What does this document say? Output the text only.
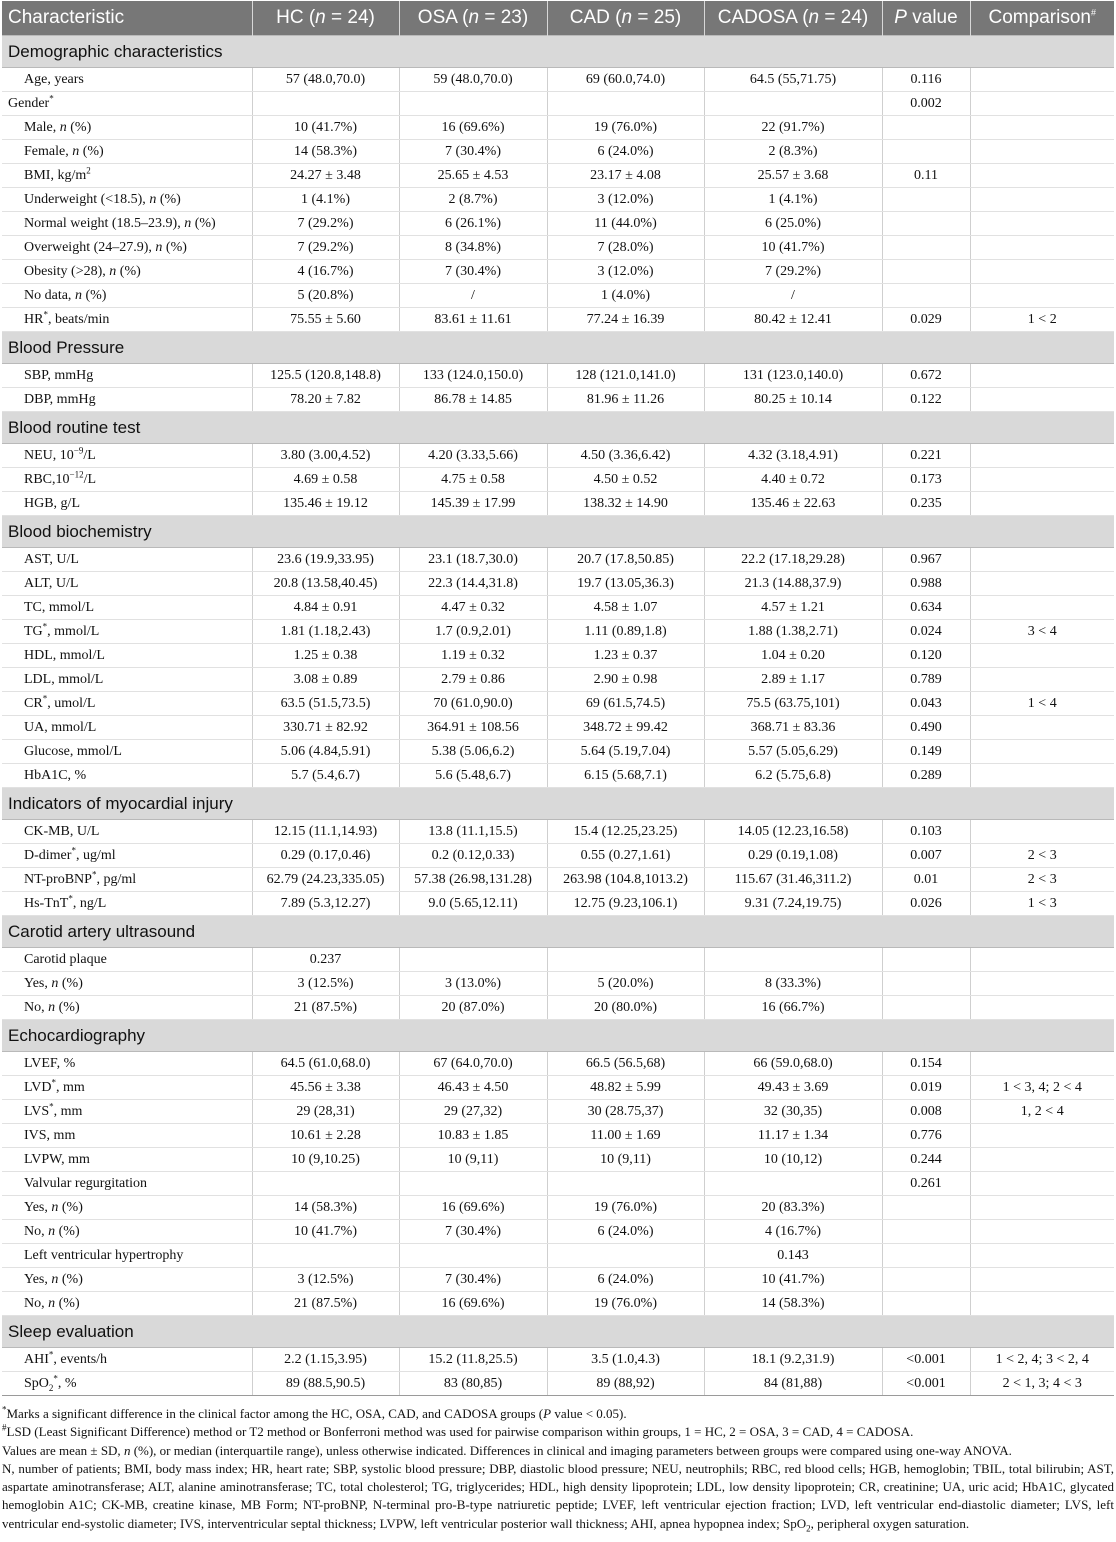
Characteristic	HC (n = 24)	OSA (n = 23)	CAD (n = 25)	CADOSA (n = 24)	P value	Comparison#
Demographic characteristics						
Age, years	57 (48.0,70.0)	59 (48.0,70.0)	69 (60.0,74.0)	64.5 (55,71.75)	0.116	
Gender*					0.002	
Male, n (%)	10 (41.7%)	16 (69.6%)	19 (76.0%)	22 (91.7%)		
Female, n (%)	14 (58.3%)	7 (30.4%)	6 (24.0%)	2 (8.3%)		
BMI, $kg/m^2$	24.27 ± 3.48	25.65 ± 4.53	23.17 ± 4.08	25.57 ± 3.68	0.11	
Underweight (<18.5), n (%)	1 (4.1%)	2 (8.7%)	3 (12.0%)	1 (4.1%)		
Normal weight (18.5–23.9), n (%)	7 (29.2%)	6 (26.1%)	11 (44.0%)	6 (25.0%)		
Overweight (24–27.9), n (%)	7 (29.2%)	8 (34.8%)	7 (28.0%)	10 (41.7%)		
Obesity (>28), n (%)	4 (16.7%)	7 (30.4%)	3 (12.0%)	7 (29.2%)		
No data, n (%)	5 (20.8%)	/	1 (4.0%)	/		
HR*, beats/min	75.55 ± 5.60	83.61 ± 11.61	77.24 ± 16.39	80.42 ± 12.41	0.029	1 < 2
Blood Pressure						
SBP, mmHg	125.5 (120.8,148.8)	133 (124.0,150.0)	128 (121.0,141.0)	131 (123.0,140.0)	0.672	
DBP, mmHg	78.20 ± 7.82	86.78 ± 14.85	81.96 ± 11.26	80.25 ± 10.14	0.122	
Blood routine test						
NEU, $10^{-9}/L$	3.80 (3.00,4.52)	4.20 (3.33,5.66)	4.50 (3.36,6.42)	4.32 (3.18,4.91)	0.221	
$RBC,10^{-12}/L$	4.69 ± 0.58	4.75 ± 0.58	4.50 ± 0.52	4.40 ± 0.72	0.173	
HGB, g/L	135.46 ± 19.12	145.39 ± 17.99	138.32 ± 14.90	135.46 ± 22.63	0.235	
Blood biochemistry						
AST, U/L	23.6 (19.9,33.95)	23.1 (18.7,30.0)	20.7 (17.8,50.85)	22.2 (17.18,29.28)	0.967	
ALT, U/L	20.8 (13.58,40.45)	22.3 (14.4,31.8)	19.7 (13.05,36.3)	21.3 (14.88,37.9)	0.988	
TC, mmol/L	4.84 ± 0.91	4.47 ± 0.32	4.58 ± 1.07	4.57 ± 1.21	0.634	
TG*, mmol/L	1.81 (1.18,2.43)	1.7 (0.9,2.01)	1.11 (0.89,1.8)	1.88 (1.38,2.71)	0.024	3 < 4
HDL, mmol/L	1.25 ± 0.38	1.19 ± 0.32	1.23 ± 0.37	1.04 ± 0.20	0.120	
LDL, mmol/L	3.08 ± 0.89	2.79 ± 0.86	2.90 ± 0.98	2.89 ± 1.17	0.789	
CR*, umol/L	63.5 (51.5,73.5)	70 (61.0,90.0)	69 (61.5,74.5)	75.5 (63.75,101)	0.043	1 < 4
UA, mmol/L	330.71 ± 82.92	364.91 ± 108.56	348.72 ± 99.42	368.71 ± 83.36	0.490	
Glucose, mmol/L	5.06 (4.84,5.91)	5.38 (5.06,6.2)	5.64 (5.19,7.04)	5.57 (5.05,6.29)	0.149	
HbA1C, %	5.7 (5.4,6.7)	5.6 (5.48,6.7)	6.15 (5.68,7.1)	6.2 (5.75,6.8)	0.289	
Indicators of myocardial injury						
CK-MB, U/L	12.15 (11.1,14.93)	13.8 (11.1,15.5)	15.4 (12.25,23.25)	14.05 (12.23,16.58)	0.103	
D-dimer*, ug/ml	0.29 (0.17,0.46)	0.2 (0.12,0.33)	0.55 (0.27,1.61)	0.29 (0.19,1.08)	0.007	2 < 3
NT-proBNP*, pg/ml	62.79 (24.23,335.05)	57.38 (26.98,131.28)	263.98 (104.8,1013.2)	115.67 (31.46,311.2)	0.01	2 < 3
Hs-TnT*, ng/L	7.89 (5.3,12.27)	9.0 (5.65,12.11)	12.75 (9.23,106.1)	9.31 (7.24,19.75)	0.026	1 < 3
Carotid artery ultrasound						
Carotid plaque	0.237					
Yes, n (%)	3 (12.5%)	3 (13.0%)	5 (20.0%)	8 (33.3%)		
No, n (%)	21 (87.5%)	20 (87.0%)	20 (80.0%)	16 (66.7%)		
Echocardiography						
LVEF, %	64.5 (61.0,68.0)	67 (64.0,70.0)	66.5 (56.5,68)	66 (59.0,68.0)	0.154	
LVD*, mm	45.56 ± 3.38	46.43 ± 4.50	48.82 ± 5.99	49.43 ± 3.69	0.019	1 < 3, 4; 2 < 4
LVS*, mm	29 (28,31)	29 (27,32)	30 (28.75,37)	32 (30,35)	0.008	1, 2 < 4
IVS, mm	10.61 ± 2.28	10.83 ± 1.85	11.00 ± 1.69	11.17 ± 1.34	0.776	
LVPW, mm	10 (9,10.25)	10 (9,11)	10 (9,11)	10 (10,12)	0.244	
Valvular regurgitation					0.261	
Yes, n (%)	14 (58.3%)	16 (69.6%)	19 (76.0%)	20 (83.3%)		
No, n (%)	10 (41.7%)	7 (30.4%)	6 (24.0%)	4 (16.7%)		
Left ventricular hypertrophy				0.143		
Yes, n (%)	3 (12.5%)	7 (30.4%)	6 (24.0%)	10 (41.7%)		
No, n (%)	21 (87.5%)	16 (69.6%)	19 (76.0%)	14 (58.3%)		
Sleep evaluation						
AHI*, events/h	2.2 (1.15,3.95)	15.2 (11.8,25.5)	3.5 (1.0,4.3)	18.1 (9.2,31.9)	<0.001	1 < 2, 4; 3 < 2, 4
SpO$_2$*, %	89 (88.5,90.5)	83 (80,85)	89 (88,92)	84 (81,88)	<0.001	2 < 1, 3; 4 < 3

*Marks a significant difference in the clinical factor among the HC, OSA, CAD, and CADOSA groups (P value < 0.05).

#LSD (Least Significant Difference) method or T2 method or Bonferroni method was used for pairwise comparison within groups, 1 = HC, 2 = OSA, 3 = CAD, 4 = CADOSA.

Values are mean ± SD, n (%), or median (interquartile range), unless otherwise indicated. Differences in clinical and imaging parameters between groups were compared using one-way ANOVA.

N, number of patients; BMI, body mass index; HR, heart rate; SBP, systolic blood pressure; DBP, diastolic blood pressure; NEU, neutrophils; RBC, red blood cells; HGB, hemoglobin; TBIL, total bilirubin; AST, aspartate aminotransferase; ALT, alanine aminotransferase; TC, total cholesterol; TG, triglycerides; HDL, high density lipoprotein; LDL, low density lipoprotein; CR, creatinine; UA, uric acid; HbA1C, glycated hemoglobin A1C; CK-MB, creatine kinase, MB Form; NT-proBNP, N-terminal pro-B-type natriuretic peptide; LVEF, left ventricular ejection fraction; LVD, left ventricular end-diastolic diameter; LVS, left ventricular end-systolic diameter; IVS, interventricular septal thickness; LVPW, left ventricular posterior wall thickness; AHI, apnea hypopnea index; SpO$_2$, peripheral oxygen saturation.
